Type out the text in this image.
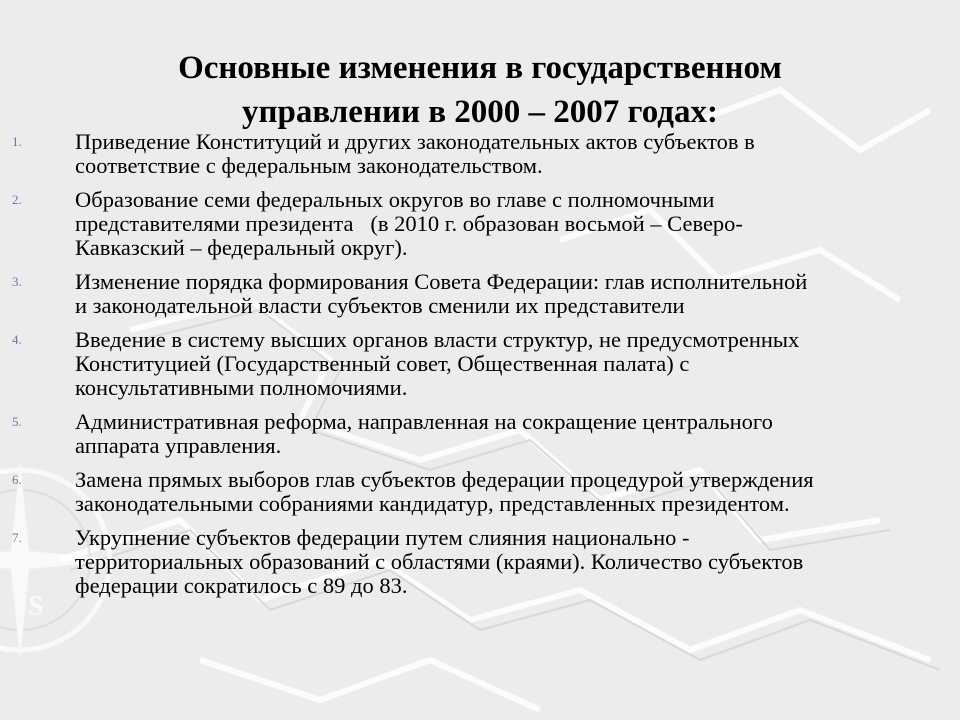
S
Основные изменения в государственном
управлении в 2000 – 2007 годах:
1. Приведение Конституций и других законодательных актов субъектов в
соответствие с федеральным законодательством.
2. Образование семи федеральных округов во главе с полномочными
представителями президента   (в 2010 г. образован восьмой – Северо-
Кавказский – федеральный округ).
3. Изменение порядка формирования Совета Федерации: глав исполнительной
и законодательной власти субъектов сменили их представители
4. Введение в систему высших органов власти структур, не предусмотренных
Конституцией (Государственный совет, Общественная палата) с
консультативными полномочиями.
5. Административная реформа, направленная на сокращение центрального
аппарата управления.
6. Замена прямых выборов глав субъектов федерации процедурой утверждения
законодательными собраниями кандидатур, представленных президентом.
7. Укрупнение субъектов федерации путем слияния национально -
территориальных образований с областями (краями). Количество субъектов
федерации сократилось с 89 до 83.
